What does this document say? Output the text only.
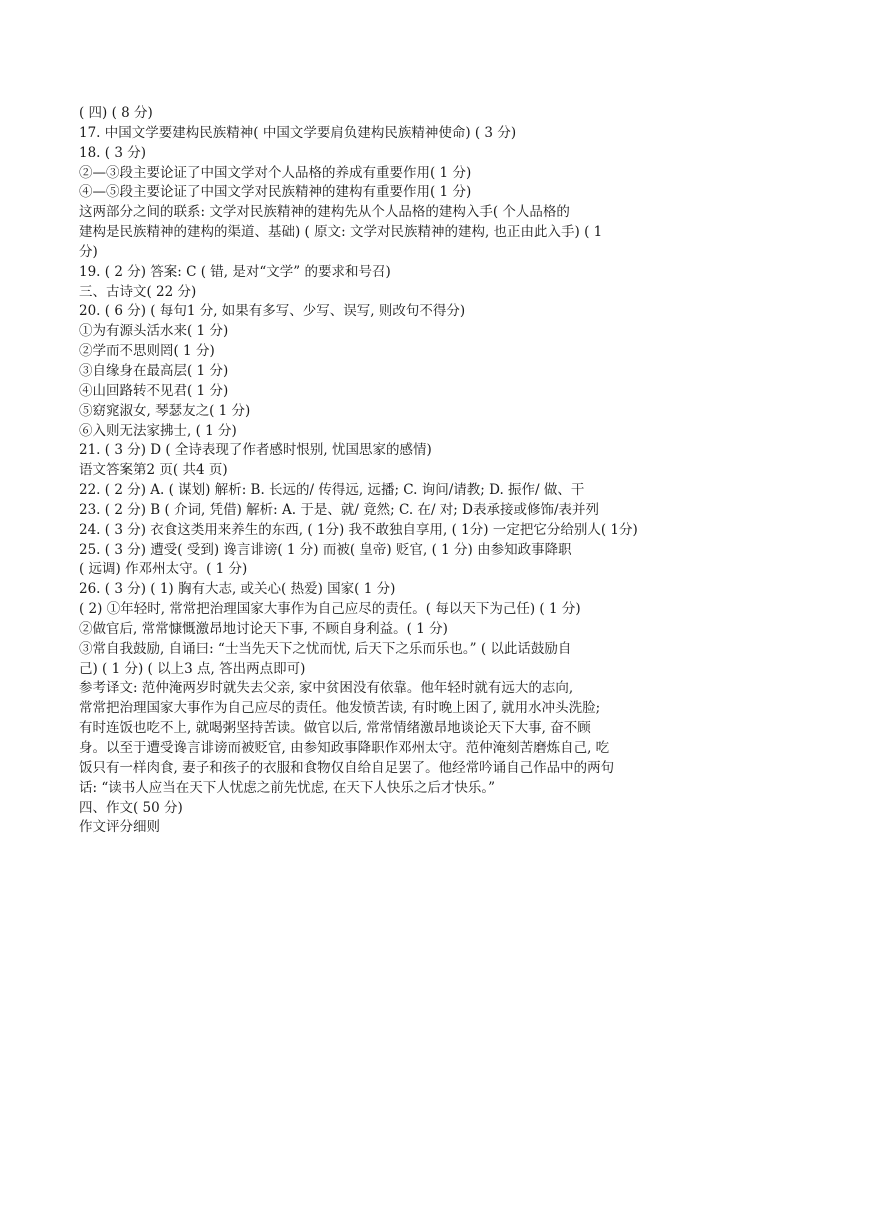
( 四) ( 8 分)
17. 中国文学要建构民族精神( 中国文学要肩负建构民族精神使命) ( 3 分)
18. ( 3 分)
②—③段主要论证了中国文学对个人品格的养成有重要作用( 1 分)
④—⑤段主要论证了中国文学对民族精神的建构有重要作用( 1 分)
这两部分之间的联系: 文学对民族精神的建构先从个人品格的建构入手( 个人品格的
建构是民族精神的建构的渠道、基础) ( 原文: 文学对民族精神的建构, 也正由此入手) ( 1
分)
19. ( 2 分) 答案: C ( 错, 是对“文学” 的要求和号召)
三、古诗文( 22 分)
20. ( 6 分) ( 每句1 分, 如果有多写、少写、误写, 则改句不得分)
①为有源头活水来( 1 分)
②学而不思则罔( 1 分)
③自缘身在最高层( 1 分)
④山回路转不见君( 1 分)
⑤窈窕淑女, 琴瑟友之( 1 分)
⑥入则无法家拂士, ( 1 分)
21. ( 3 分) D ( 全诗表现了作者感时恨别, 忧国思家的感情)
语文答案第2 页( 共4 页)
22. ( 2 分) A. ( 谋划) 解析: B. 长远的/ 传得远, 远播; C. 询问/请教; D. 振作/ 做、干
23. ( 2 分) B ( 介词, 凭借) 解析: A. 于是、就/ 竟然; C. 在/ 对; D表承接或修饰/表并列
24. ( 3 分) 衣食这类用来养生的东西, ( 1分) 我不敢独自享用, ( 1分) 一定把它分给别人( 1分)
25. ( 3 分) 遭受( 受到) 谗言诽谤( 1 分) 而被( 皇帝) 贬官, ( 1 分) 由参知政事降职
( 远调) 作邓州太守。( 1 分)
26. ( 3 分) ( 1) 胸有大志, 或关心( 热爱) 国家( 1 分)
( 2) ①年轻时, 常常把治理国家大事作为自己应尽的责任。( 每以天下为己任) ( 1 分)
②做官后, 常常慷慨激昂地讨论天下事, 不顾自身利益。( 1 分)
③常自我鼓励, 自诵曰: “士当先天下之忧而忧, 后天下之乐而乐也。” ( 以此话鼓励自
己) ( 1 分) ( 以上3 点, 答出两点即可)
参考译文: 范仲淹两岁时就失去父亲, 家中贫困没有依靠。他年轻时就有远大的志向,
常常把治理国家大事作为自己应尽的责任。他发愤苦读, 有时晚上困了, 就用水冲头洗脸;
有时连饭也吃不上, 就喝粥坚持苦读。做官以后, 常常情绪激昂地谈论天下大事, 奋不顾
身。以至于遭受谗言诽谤而被贬官, 由参知政事降职作邓州太守。范仲淹刻苦磨炼自己, 吃
饭只有一样肉食, 妻子和孩子的衣服和食物仅自给自足罢了。他经常吟诵自己作品中的两句
话: “读书人应当在天下人忧虑之前先忧虑, 在天下人快乐之后才快乐。”
四、作文( 50 分)
作文评分细则
